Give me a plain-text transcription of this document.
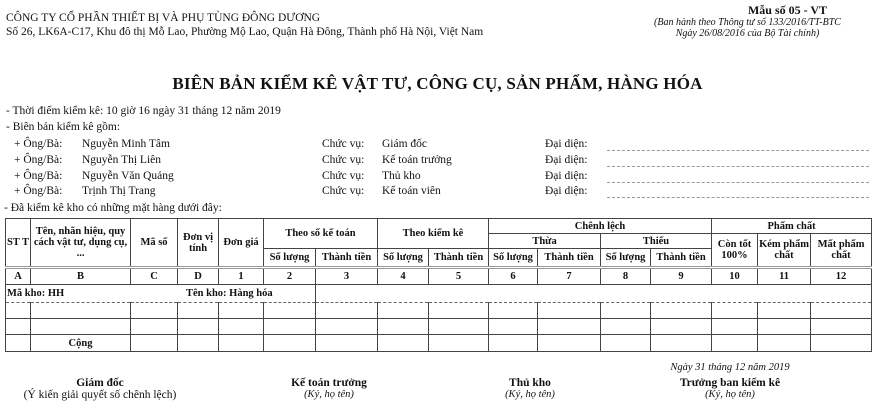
CÔNG TY CỔ PHẦN THIẾT BỊ VÀ PHỤ TÙNG ĐÔNG DƯƠNG
Số 26, LK6A-C17, Khu đô thị Mỗ Lao, Phường Mộ Lao, Quận Hà Đông, Thành phố Hà Nội, Việt Nam
Mẫu số 05 - VT
(Ban hành theo Thông tư số 133/2016/TT-BTC
Ngày 26/08/2016 của Bộ Tài chính)
BIÊN BẢN KIỂM KÊ VẬT TƯ, CÔNG CỤ, SẢN PHẨM, HÀNG HÓA
- Thời điểm kiểm kê: 10 giờ 16 ngày 31 tháng 12 năm 2019
- Biên bản kiểm kê gồm:
+ Ông/Bà: Nguyễn Minh Tâm	Chức vụ: Giám đốc	Đại diện:
+ Ông/Bà: Nguyễn Thị Liên	Chức vụ: Kế toán trưởng	Đại diện:
+ Ông/Bà: Nguyễn Văn Quảng	Chức vụ: Thủ kho	Đại diện:
+ Ông/Bà: Trịnh Thị Trang	Chức vụ: Kế toán viên	Đại diện:
- Đã kiểm kê kho có những mặt hàng dưới đây:
ST T	Tên, nhãn hiệu, quy cách vật tư, dụng cụ, ...	Mã số	Đơn vị tính	Đơn giá	Theo sổ kế toán		Theo kiểm kê		Chênh lệch				Phẩm chất		
									Thừa		Thiếu		Còn tốt 100%	Kém phẩm chất	Mất phẩm chất
					Số lượng	Thành tiền	Số lượng	Thành tiền	Số lượng	Thành tiền	Số lượng	Thành tiền			
A	B	C	D	1	2	3	4	5	6	7	8	9	10	11	12
Mã kho: HH						Tên kho: Hàng hóa									

	Cộng														
Ngày 31 tháng 12 năm 2019
Giám đốc
(Ý kiến giải quyết số chênh lệch)
Kế toán trưởng
(Ký, họ tên)
Thủ kho
(Ký, họ tên)
Trưởng ban kiểm kê
(Ký, họ tên)
